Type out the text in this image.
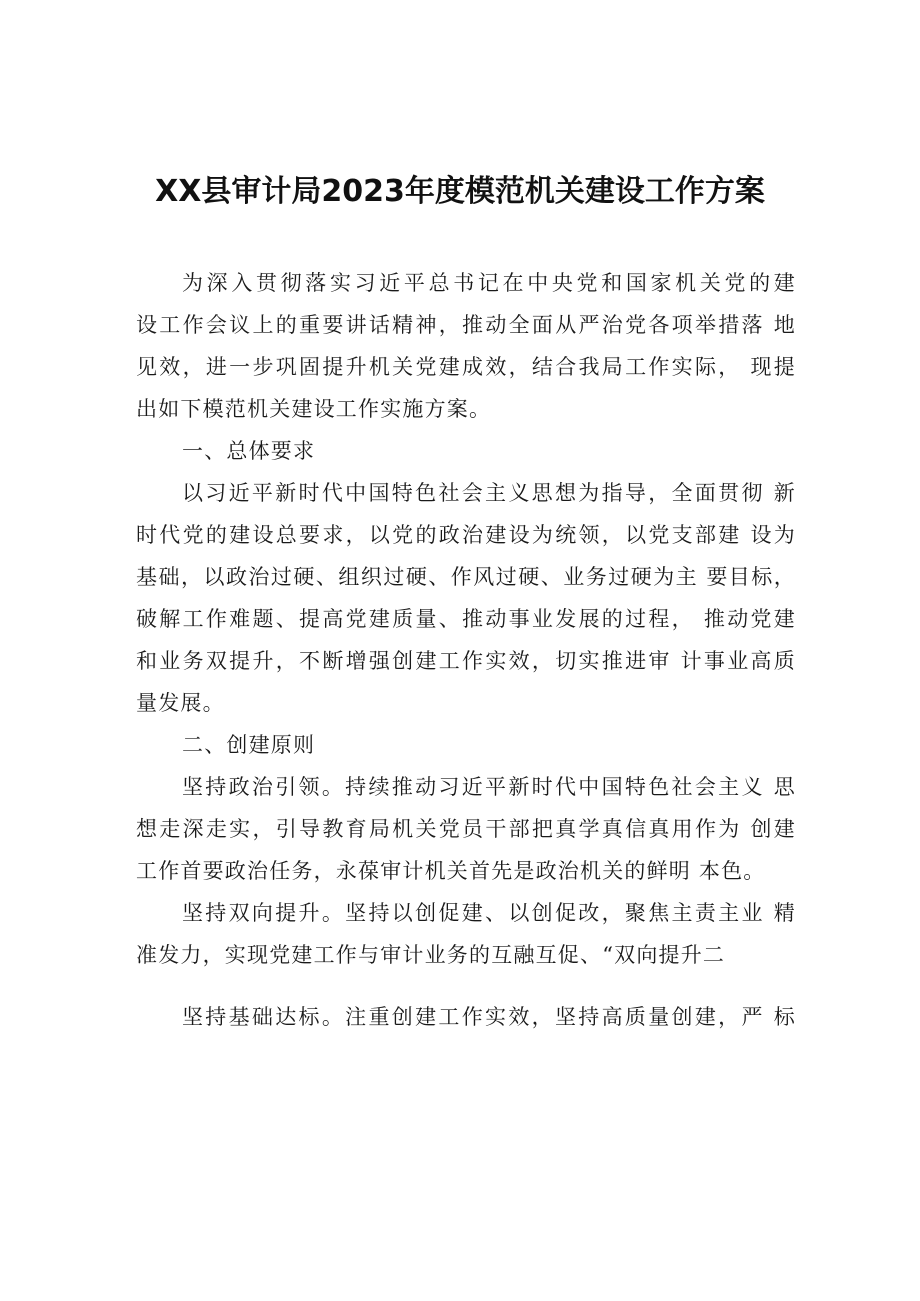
XX县审计局2023年度模范机关建设工作方案
为深入贯彻落实习近平总书记在中央党和国家机关党的建
设工作会议上的重要讲话精神，推动全面从严治党各项举措落 地
见效，进一步巩固提升机关党建成效，结合我局工作实际， 现提
出如下模范机关建设工作实施方案。
一、总体要求
以习近平新时代中国特色社会主义思想为指导，全面贯彻 新
时代党的建设总要求，以党的政治建设为统领，以党支部建 设为
基础，以政治过硬、组织过硬、作风过硬、业务过硬为主 要目标，
破解工作难题、提高党建质量、推动事业发展的过程， 推动党建
和业务双提升，不断增强创建工作实效，切实推进审 计事业高质
量发展。
二、创建原则
坚持政治引领。持续推动习近平新时代中国特色社会主义 思
想走深走实，引导教育局机关党员干部把真学真信真用作为 创建
工作首要政治任务，永葆审计机关首先是政治机关的鲜明 本色。
坚持双向提升。坚持以创促建、以创促改，聚焦主责主业 精
准发力，实现党建工作与审计业务的互融互促、“双向提升二
坚持基础达标。注重创建工作实效，坚持高质量创建，严 标
